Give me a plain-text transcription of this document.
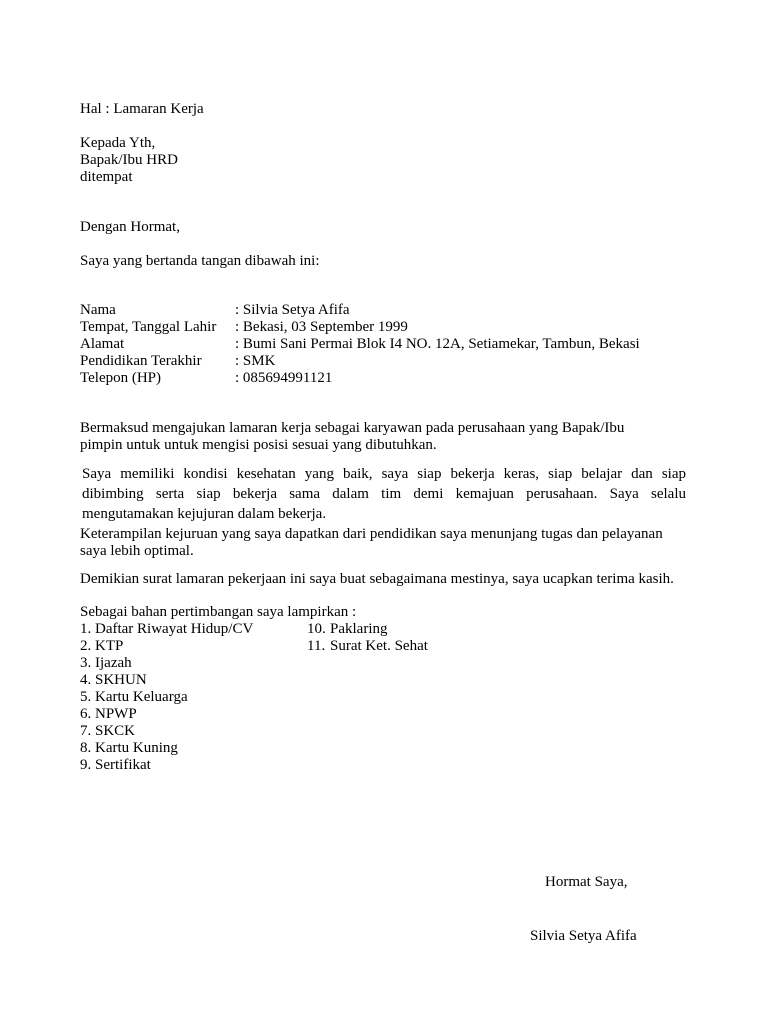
Hal : Lamaran Kerja
Kepada Yth,
Bapak/Ibu HRD
ditempat
Dengan Hormat,
Saya yang bertanda tangan dibawah ini:
Nama	: Silvia Setya Afifa
Tempat, Tanggal Lahir : Bekasi, 03 September 1999
Alamat	: Bumi Sani Permai Blok I4 NO. 12A, Setiamekar, Tambun, Bekasi
Pendidikan Terakhir : SMK
Telepon (HP)	: 085694991121
Bermaksud mengajukan lamaran kerja sebagai karyawan pada perusahaan yang Bapak/Ibu
pimpin untuk untuk mengisi posisi sesuai yang dibutuhkan.
Saya memiliki kondisi kesehatan yang baik, saya siap bekerja keras, siap belajar dan siap
dibimbing serta siap bekerja sama dalam tim demi kemajuan perusahaan. Saya selalu
mengutamakan kejujuran dalam bekerja.
Keterampilan kejuruan yang saya dapatkan dari pendidikan saya menunjang tugas dan pelayanan
saya lebih optimal.
Demikian surat lamaran pekerjaan ini saya buat sebagaimana mestinya, saya ucapkan terima kasih.
Sebagai bahan pertimbangan saya lampirkan :
1. Daftar Riwayat Hidup/CV
2. KTP
3. Ijazah
4. SKHUN
5. Kartu Keluarga
6. NPWP
7. SKCK
8. Kartu Kuning
9. Sertifikat
10. Paklaring
11. Surat Ket. Sehat
Hormat Saya,
Silvia Setya Afifa
